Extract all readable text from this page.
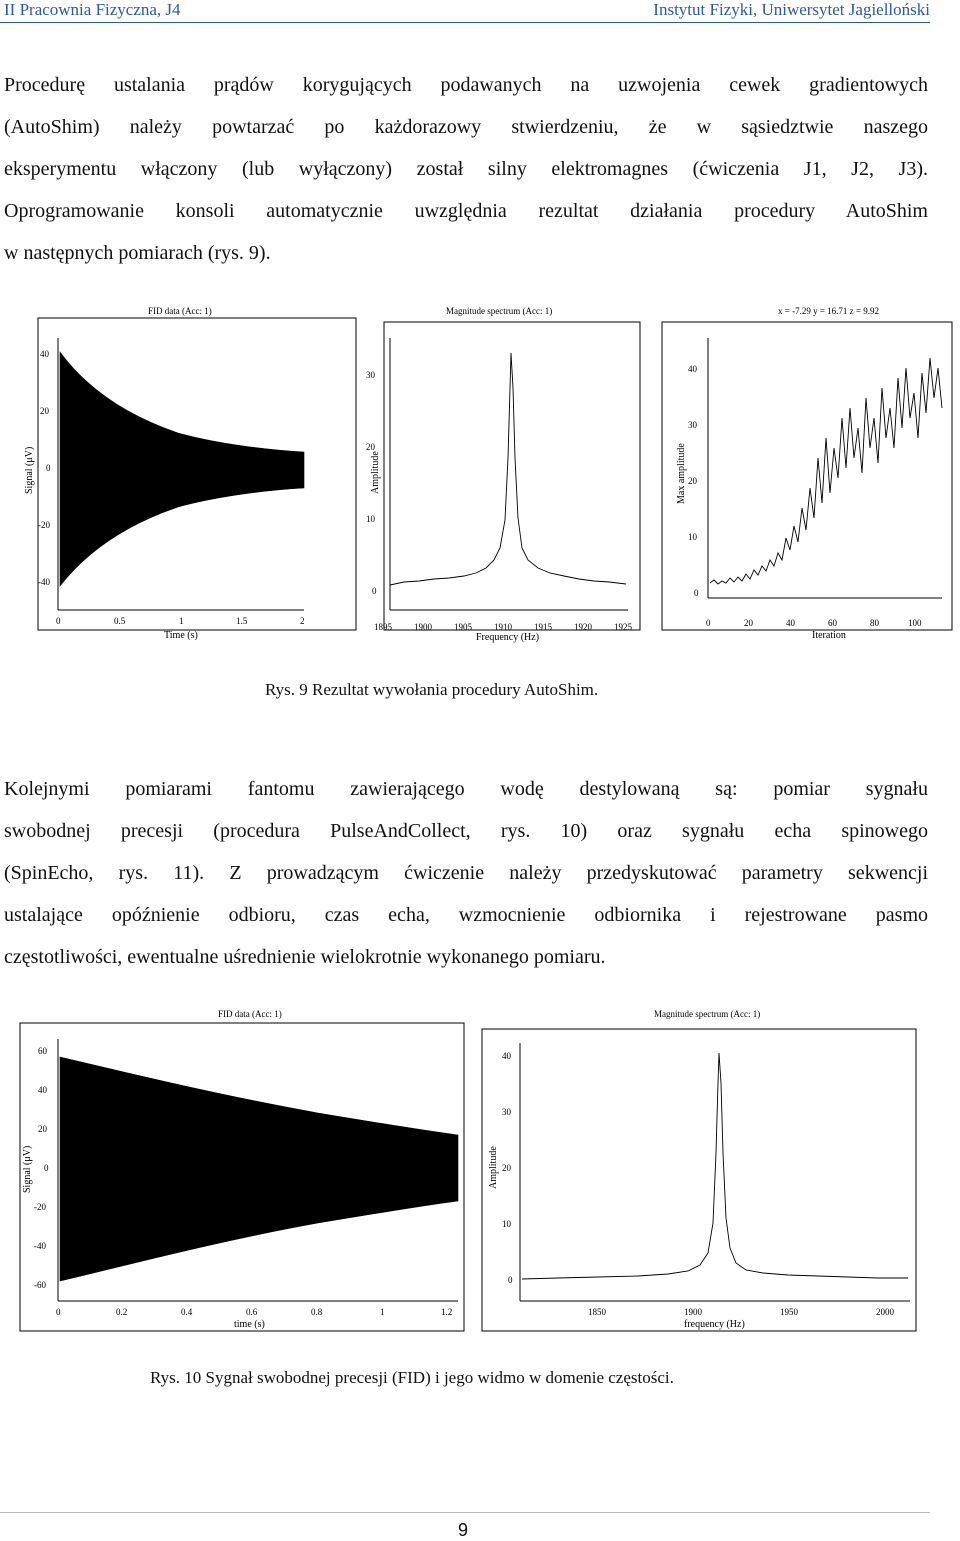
II Pracownia Fizyczna, J4	Instytut Fizyki, Uniwersytet Jagielloński
Procedurę ustalania prądów korygujących podawanych na uzwojenia cewek gradientowych
(AutoShim) należy powtarzać po każdorazowy stwierdzeniu, że w sąsiedztwie naszego
eksperymentu włączony (lub wyłączony) został silny elektromagnes (ćwiczenia J1, J2, J3).
Oprogramowanie konsoli automatycznie uwzględnia rezultat działania procedury AutoShim
w następnych pomiarach (rys. 9).
FID data (Acc: 1)
40
20
0
-20
-40
0	0.5	1	1.5	2
Time (s)
Signal (μV)
Magnitude spectrum (Acc: 1)
30
20
10
0
1895 1900 1905 1910 1915 1920 1925
Frequency (Hz)
Amplitude
x = -7.29 y = 16.71 z = 9.92
40
30
20
10
0
0	20	40	60	80	100
Iteration
Max amplitude
Rys. 9 Rezultat wywołania procedury AutoShim.
Kolejnymi pomiarami fantomu zawierającego wodę destylowaną są: pomiar sygnału
swobodnej precesji (procedura PulseAndCollect, rys. 10) oraz sygnału echa spinowego
(SpinEcho, rys. 11). Z prowadzącym ćwiczenie należy przedyskutować parametry sekwencji
ustalające opóźnienie odbioru, czas echa, wzmocnienie odbiornika i rejestrowane pasmo
częstotliwości, ewentualne uśrednienie wielokrotnie wykonanego pomiaru.
FID data (Acc: 1)
60
40
20
0
-20
-40
-60
0	0.2	0.4	0.6	0.8	1	1.2
time (s)
Signal (μV)
Magnitude spectrum (Acc: 1)
40
30
20
10
0
1850	1900	1950	2000
frequency (Hz)
Amplitude
Rys. 10 Sygnał swobodnej precesji (FID) i jego widmo w domenie częstości.
9
